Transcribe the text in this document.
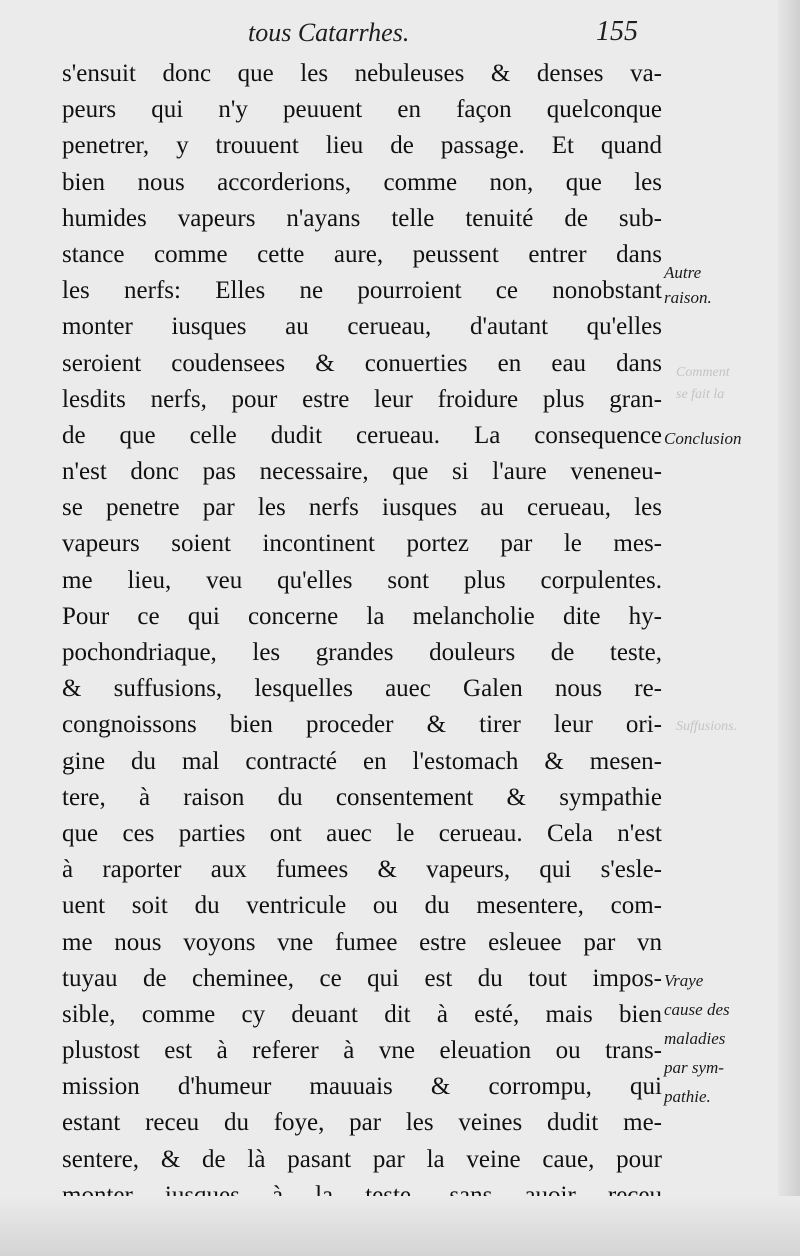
tous Catarrhes.	155
s'ensuit donc que les nebuleuses & denses va-
peurs qui n'y peuuent en façon quelconque
penetrer, y trouuent lieu de passage. Et quand
bien nous accorderions, comme non, que les
humides vapeurs n'ayans telle tenuité de sub-
stance comme cette aure, peussent entrer dans
les nerfs: Elles ne pourroient ce nonobstant
monter iusques au cerueau, d'autant qu'elles
seroient coudensees & conuerties en eau dans
lesdits nerfs, pour estre leur froidure plus gran-
de que celle dudit cerueau. La consequence
n'est donc pas necessaire, que si l'aure veneneu-
se penetre par les nerfs iusques au cerueau, les
vapeurs soient incontinent portez par le mes-
me lieu, veu qu'elles sont plus corpulentes.
Pour ce qui concerne la melancholie dite hy-
pochondriaque, les grandes douleurs de teste,
& suffusions, lesquelles auec Galen nous re-
congnoissons bien proceder & tirer leur ori-
gine du mal contracté en l'estomach & mesen-
tere, à raison du consentement & sympathie
que ces parties ont auec le cerueau. Cela n'est
à raporter aux fumees & vapeurs, qui s'esle-
uent soit du ventricule ou du mesentere, com-
me nous voyons vne fumee estre esleuee par vn
tuyau de cheminee, ce qui est du tout impos-
sible, comme cy deuant dit à esté, mais bien
plustost est à referer à vne eleuation ou trans-
mission d'humeur mauuais & corrompu, qui
estant receu du foye, par les veines dudit me-
sentere, & de là pasant par la veine caue, pour
Autre
raison.
Conclusion
Vraye
cause des
maladies
par sym-
pathie.
Comment
se fait la
Suffusions.
